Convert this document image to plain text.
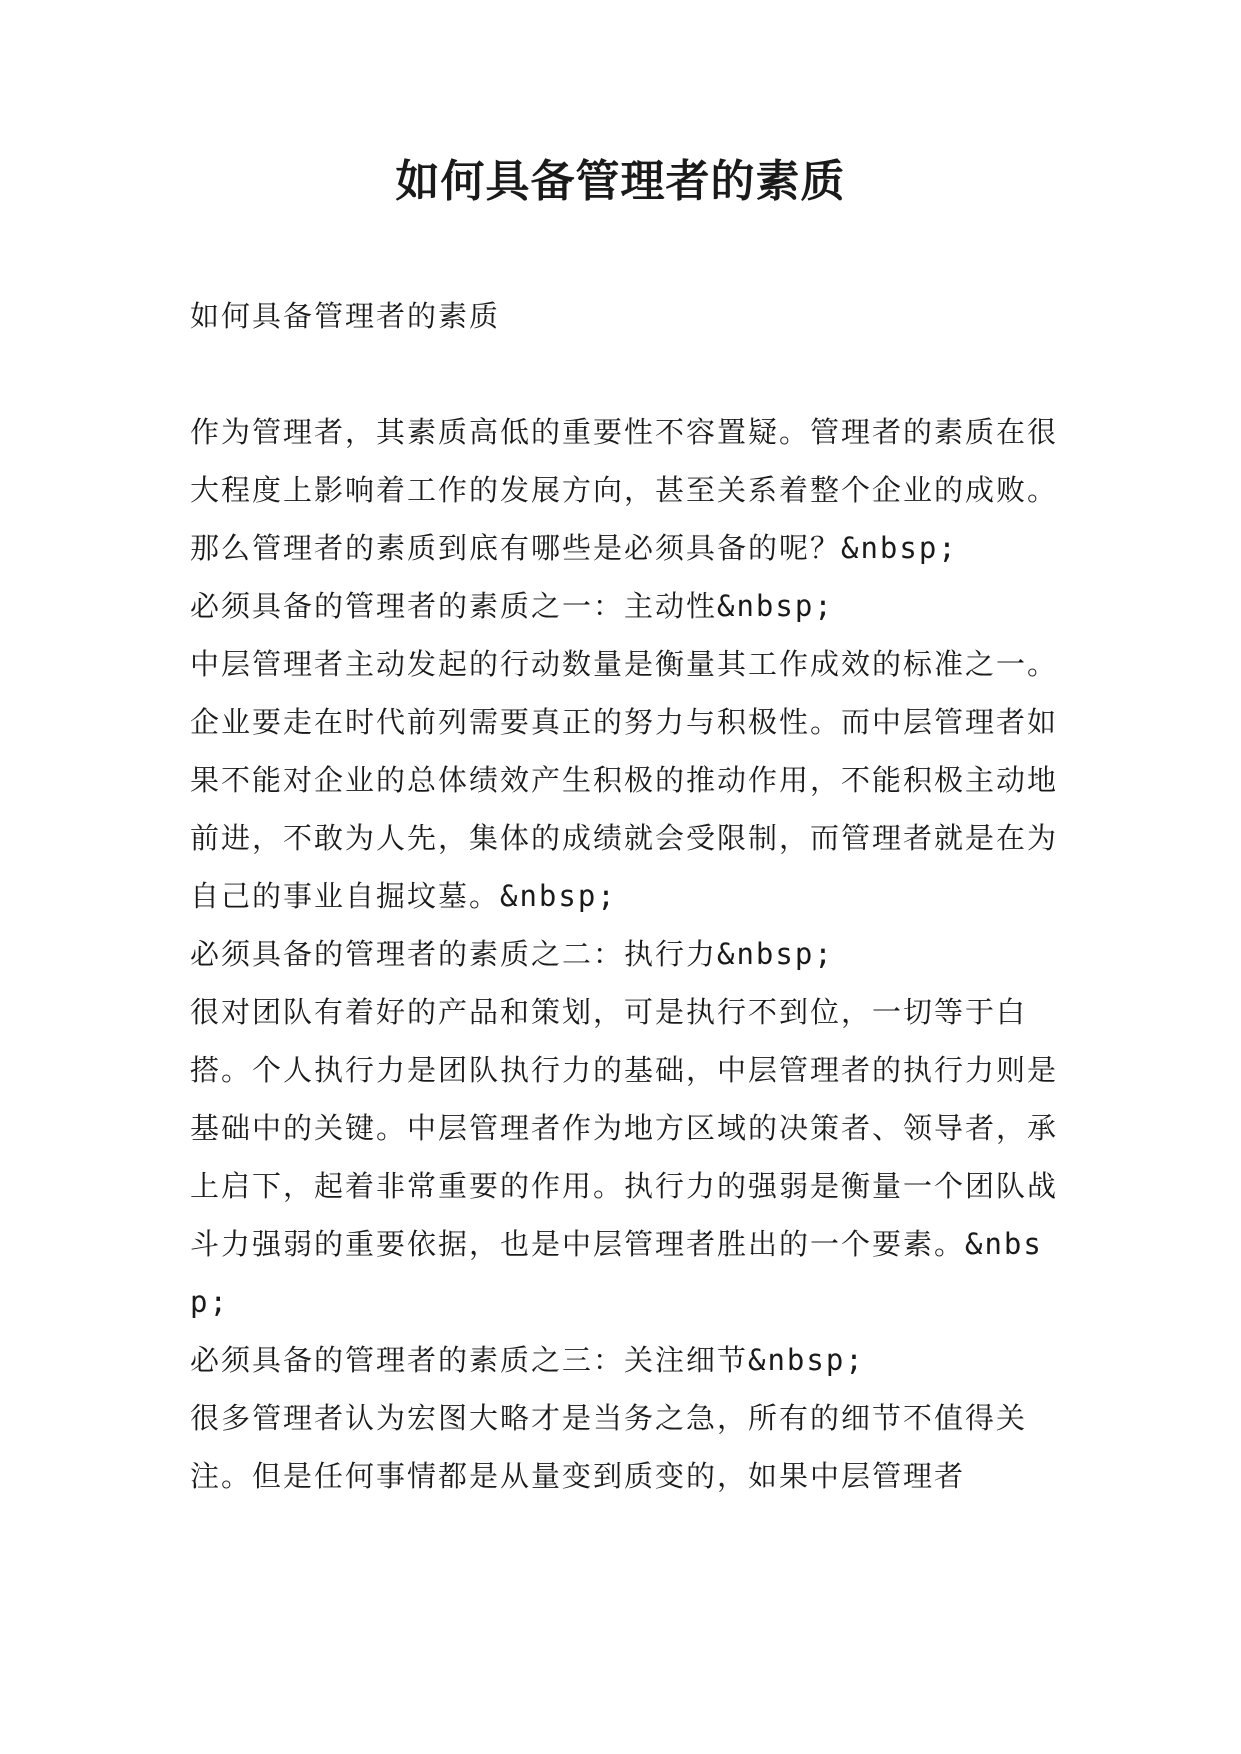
如何具备管理者的素质

如何具备管理者的素质

作为管理者，其素质高低的重要性不容置疑。管理者的素质在很大程度上影响着工作的发展方向，甚至关系着整个企业的成败。那么管理者的素质到底有哪些是必须具备的呢？&nbsp;

必须具备的管理者的素质之一：主动性&nbsp;

中层管理者主动发起的行动数量是衡量其工作成效的标准之一。企业要走在时代前列需要真正的努力与积极性。而中层管理者如果不能对企业的总体绩效产生积极的推动作用，不能积极主动地前进，不敢为人先，集体的成绩就会受限制，而管理者就是在为自己的事业自掘坟墓。&nbsp;

必须具备的管理者的素质之二：执行力&nbsp;

很对团队有着好的产品和策划，可是执行不到位，一切等于白搭。个人执行力是团队执行力的基础，中层管理者的执行力则是基础中的关键。中层管理者作为地方区域的决策者、领导者，承上启下，起着非常重要的作用。执行力的强弱是衡量一个团队战斗力强弱的重要依据，也是中层管理者胜出的一个要素。&nbsp;

必须具备的管理者的素质之三：关注细节&nbsp;

很多管理者认为宏图大略才是当务之急，所有的细节不值得关注。但是任何事情都是从量变到质变的，如果中层管理者
